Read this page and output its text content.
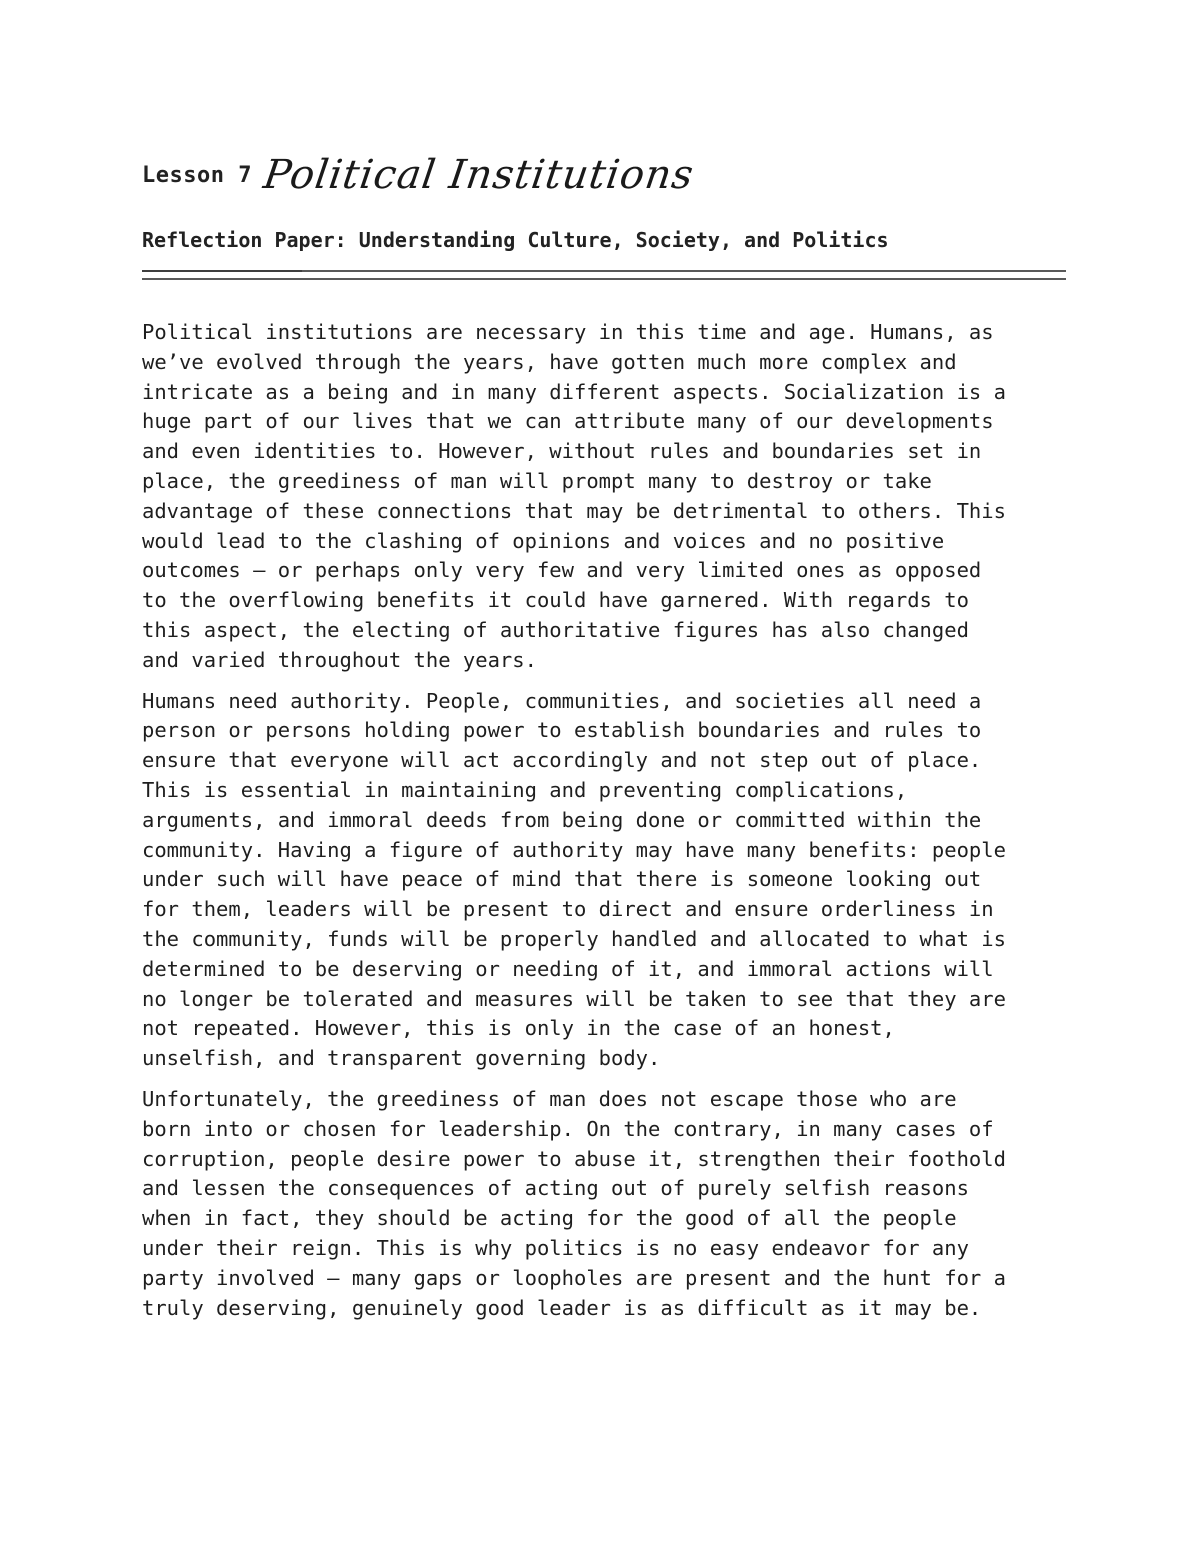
Lesson 7 Political Institutions
Reflection Paper: Understanding Culture, Society, and Politics

Political institutions are necessary in this time and age. Humans, as
we’ve evolved through the years, have gotten much more complex and
intricate as a being and in many different aspects. Socialization is a
huge part of our lives that we can attribute many of our developments
and even identities to. However, without rules and boundaries set in
place, the greediness of man will prompt many to destroy or take
advantage of these connections that may be detrimental to others. This
would lead to the clashing of opinions and voices and no positive
outcomes – or perhaps only very few and very limited ones as opposed
to the overflowing benefits it could have garnered. With regards to
this aspect, the electing of authoritative figures has also changed
and varied throughout the years.

Humans need authority. People, communities, and societies all need a
person or persons holding power to establish boundaries and rules to
ensure that everyone will act accordingly and not step out of place.
This is essential in maintaining and preventing complications,
arguments, and immoral deeds from being done or committed within the
community. Having a figure of authority may have many benefits: people
under such will have peace of mind that there is someone looking out
for them, leaders will be present to direct and ensure orderliness in
the community, funds will be properly handled and allocated to what is
determined to be deserving or needing of it, and immoral actions will
no longer be tolerated and measures will be taken to see that they are
not repeated. However, this is only in the case of an honest,
unselfish, and transparent governing body.

Unfortunately, the greediness of man does not escape those who are
born into or chosen for leadership. On the contrary, in many cases of
corruption, people desire power to abuse it, strengthen their foothold
and lessen the consequences of acting out of purely selfish reasons
when in fact, they should be acting for the good of all the people
under their reign. This is why politics is no easy endeavor for any
party involved – many gaps or loopholes are present and the hunt for a
truly deserving, genuinely good leader is as difficult as it may be.
